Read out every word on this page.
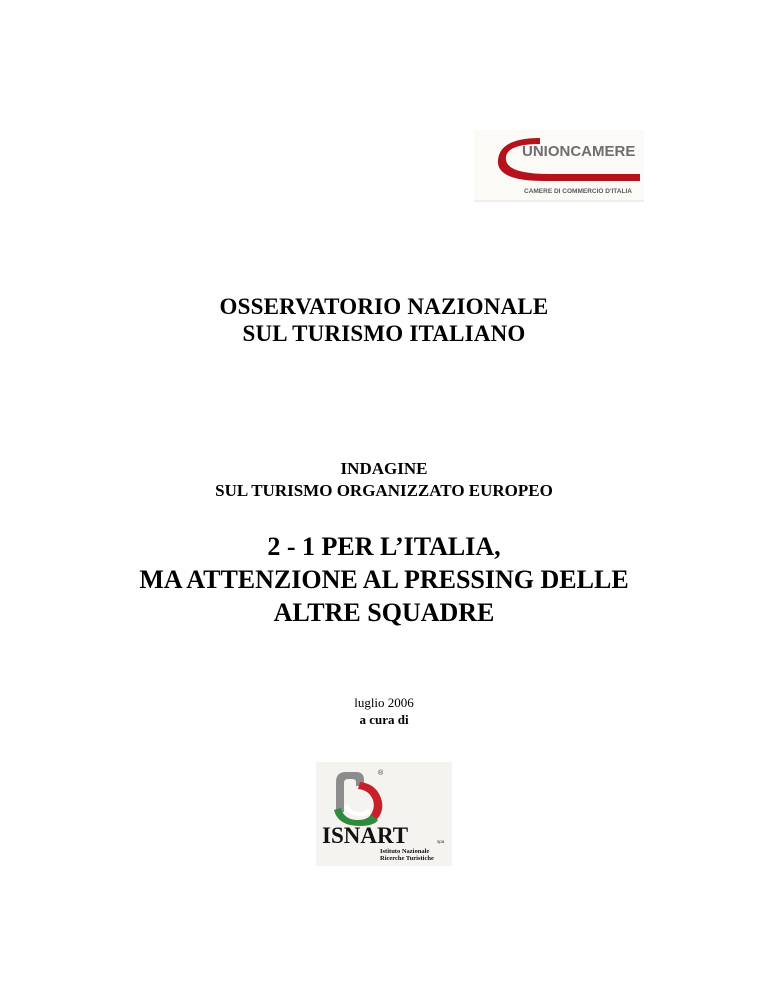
UNIONCAMERE
CAMERE DI COMMERCIO D'ITALIA
OSSERVATORIO NAZIONALE
SUL TURISMO ITALIANO
INDAGINE
SUL TURISMO ORGANIZZATO EUROPEO
2 - 1 PER L’ITALIA,
MA ATTENZIONE AL PRESSING DELLE
ALTRE SQUADRE
luglio 2006
a cura di
®
ISNART	spa
Istituto Nazionale
Ricerche Turistiche
